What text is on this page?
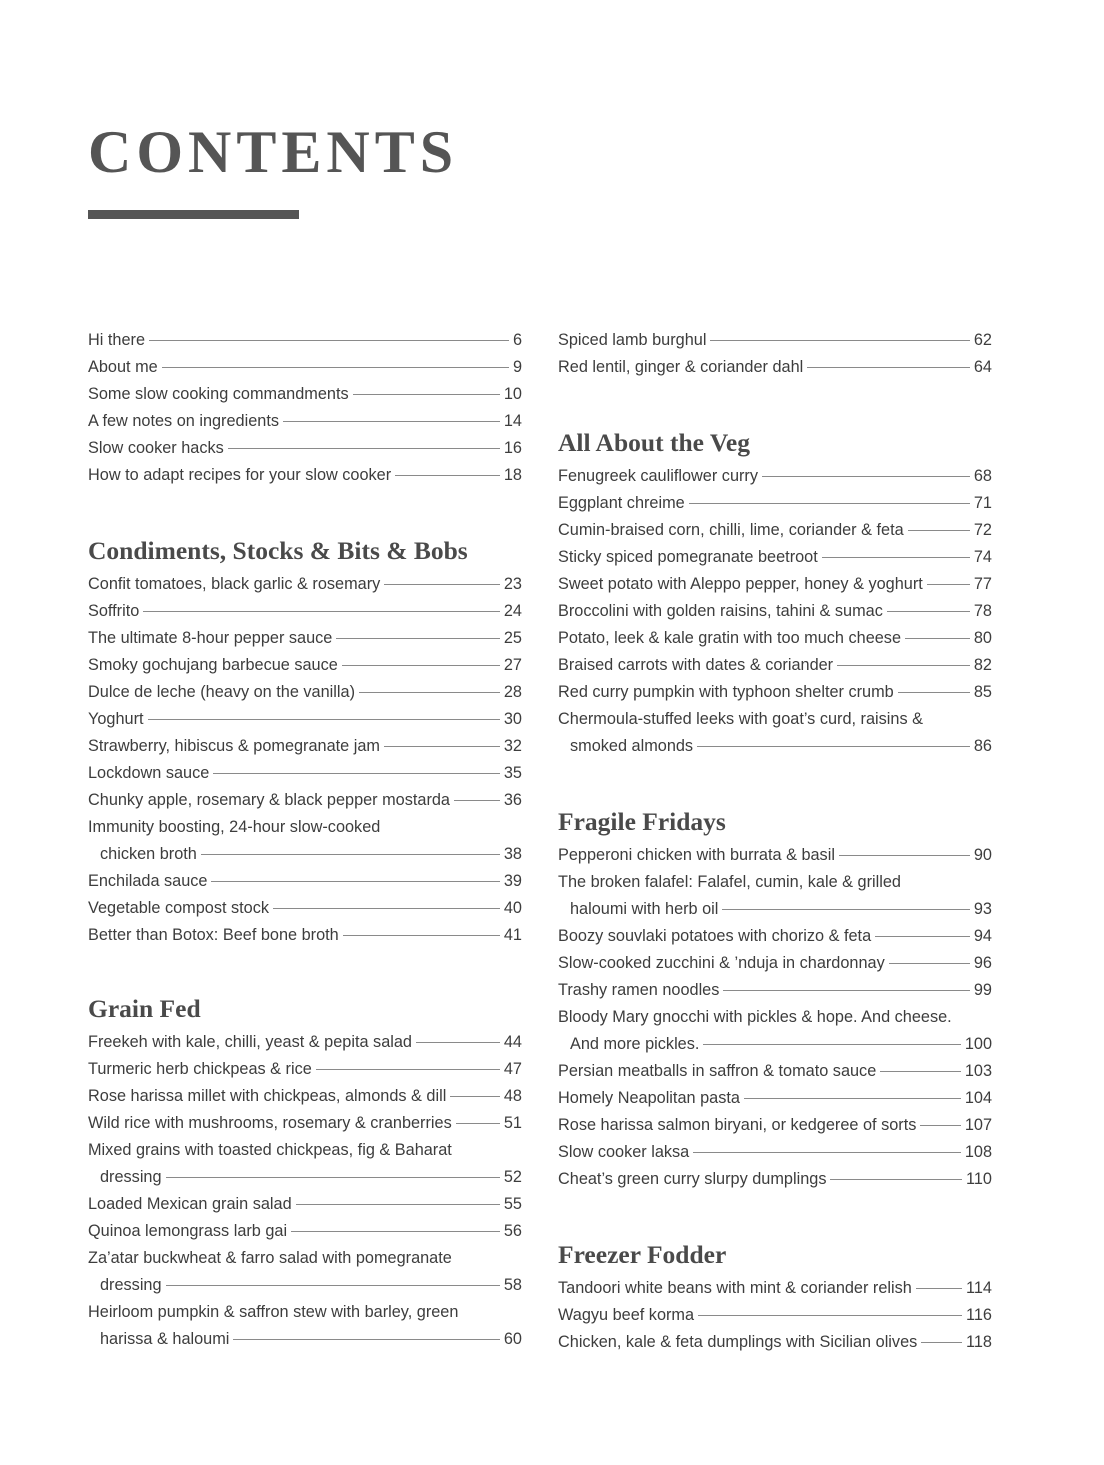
CONTENTS
Hi there	6
About me	9
Some slow cooking commandments	10
A few notes on ingredients	14
Slow cooker hacks	16
How to adapt recipes for your slow cooker	18
Condiments, Stocks & Bits & Bobs
Confit tomatoes, black garlic & rosemary	23
Soffrito	24
The ultimate 8-hour pepper sauce	25
Smoky gochujang barbecue sauce	27
Dulce de leche (heavy on the vanilla)	28
Yoghurt	30
Strawberry, hibiscus & pomegranate jam	32
Lockdown sauce	35
Chunky apple, rosemary & black pepper mostarda	36
Immunity boosting, 24-hour slow-cooked
chicken broth	38
Enchilada sauce	39
Vegetable compost stock	40
Better than Botox: Beef bone broth	41
Grain Fed
Freekeh with kale, chilli, yeast & pepita salad	44
Turmeric herb chickpeas & rice	47
Rose harissa millet with chickpeas, almonds & dill	48
Wild rice with mushrooms, rosemary & cranberries	51
Mixed grains with toasted chickpeas, fig & Baharat
dressing	52
Loaded Mexican grain salad	55
Quinoa lemongrass larb gai	56
Za’atar buckwheat & farro salad with pomegranate
dressing	58
Heirloom pumpkin & saffron stew with barley, green
harissa & haloumi	60
Spiced lamb burghul	62
Red lentil, ginger & coriander dahl	64
All About the Veg
Fenugreek cauliflower curry	68
Eggplant chreime	71
Cumin-braised corn, chilli, lime, coriander & feta	72
Sticky spiced pomegranate beetroot	74
Sweet potato with Aleppo pepper, honey & yoghurt	77
Broccolini with golden raisins, tahini & sumac	78
Potato, leek & kale gratin with too much cheese	80
Braised carrots with dates & coriander	82
Red curry pumpkin with typhoon shelter crumb	85
Chermoula-stuffed leeks with goat’s curd, raisins &
smoked almonds	86
Fragile Fridays
Pepperoni chicken with burrata & basil	90
The broken falafel: Falafel, cumin, kale & grilled
haloumi with herb oil	93
Boozy souvlaki potatoes with chorizo & feta	94
Slow-cooked zucchini & ’nduja in chardonnay	96
Trashy ramen noodles	99
Bloody Mary gnocchi with pickles & hope. And cheese.
And more pickles.	100
Persian meatballs in saffron & tomato sauce	103
Homely Neapolitan pasta	104
Rose harissa salmon biryani, or kedgeree of sorts	107
Slow cooker laksa	108
Cheat’s green curry slurpy dumplings	110
Freezer Fodder
Tandoori white beans with mint & coriander relish	114
Wagyu beef korma	116
Chicken, kale & feta dumplings with Sicilian olives	118
